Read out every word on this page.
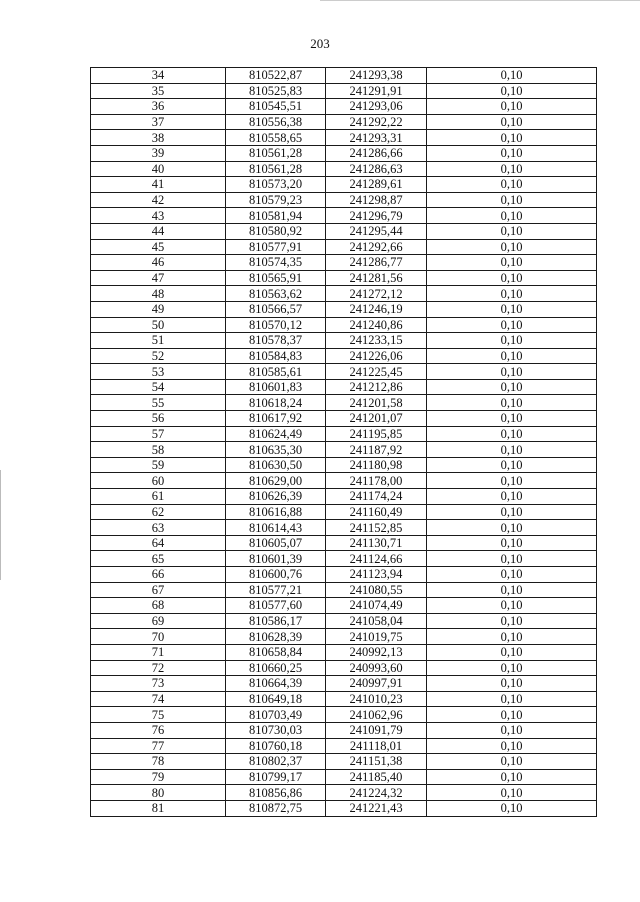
203
34	810522,87	241293,38	0,10
35	810525,83	241291,91	0,10
36	810545,51	241293,06	0,10
37	810556,38	241292,22	0,10
38	810558,65	241293,31	0,10
39	810561,28	241286,66	0,10
40	810561,28	241286,63	0,10
41	810573,20	241289,61	0,10
42	810579,23	241298,87	0,10
43	810581,94	241296,79	0,10
44	810580,92	241295,44	0,10
45	810577,91	241292,66	0,10
46	810574,35	241286,77	0,10
47	810565,91	241281,56	0,10
48	810563,62	241272,12	0,10
49	810566,57	241246,19	0,10
50	810570,12	241240,86	0,10
51	810578,37	241233,15	0,10
52	810584,83	241226,06	0,10
53	810585,61	241225,45	0,10
54	810601,83	241212,86	0,10
55	810618,24	241201,58	0,10
56	810617,92	241201,07	0,10
57	810624,49	241195,85	0,10
58	810635,30	241187,92	0,10
59	810630,50	241180,98	0,10
60	810629,00	241178,00	0,10
61	810626,39	241174,24	0,10
62	810616,88	241160,49	0,10
63	810614,43	241152,85	0,10
64	810605,07	241130,71	0,10
65	810601,39	241124,66	0,10
66	810600,76	241123,94	0,10
67	810577,21	241080,55	0,10
68	810577,60	241074,49	0,10
69	810586,17	241058,04	0,10
70	810628,39	241019,75	0,10
71	810658,84	240992,13	0,10
72	810660,25	240993,60	0,10
73	810664,39	240997,91	0,10
74	810649,18	241010,23	0,10
75	810703,49	241062,96	0,10
76	810730,03	241091,79	0,10
77	810760,18	241118,01	0,10
78	810802,37	241151,38	0,10
79	810799,17	241185,40	0,10
80	810856,86	241224,32	0,10
81	810872,75	241221,43	0,10
